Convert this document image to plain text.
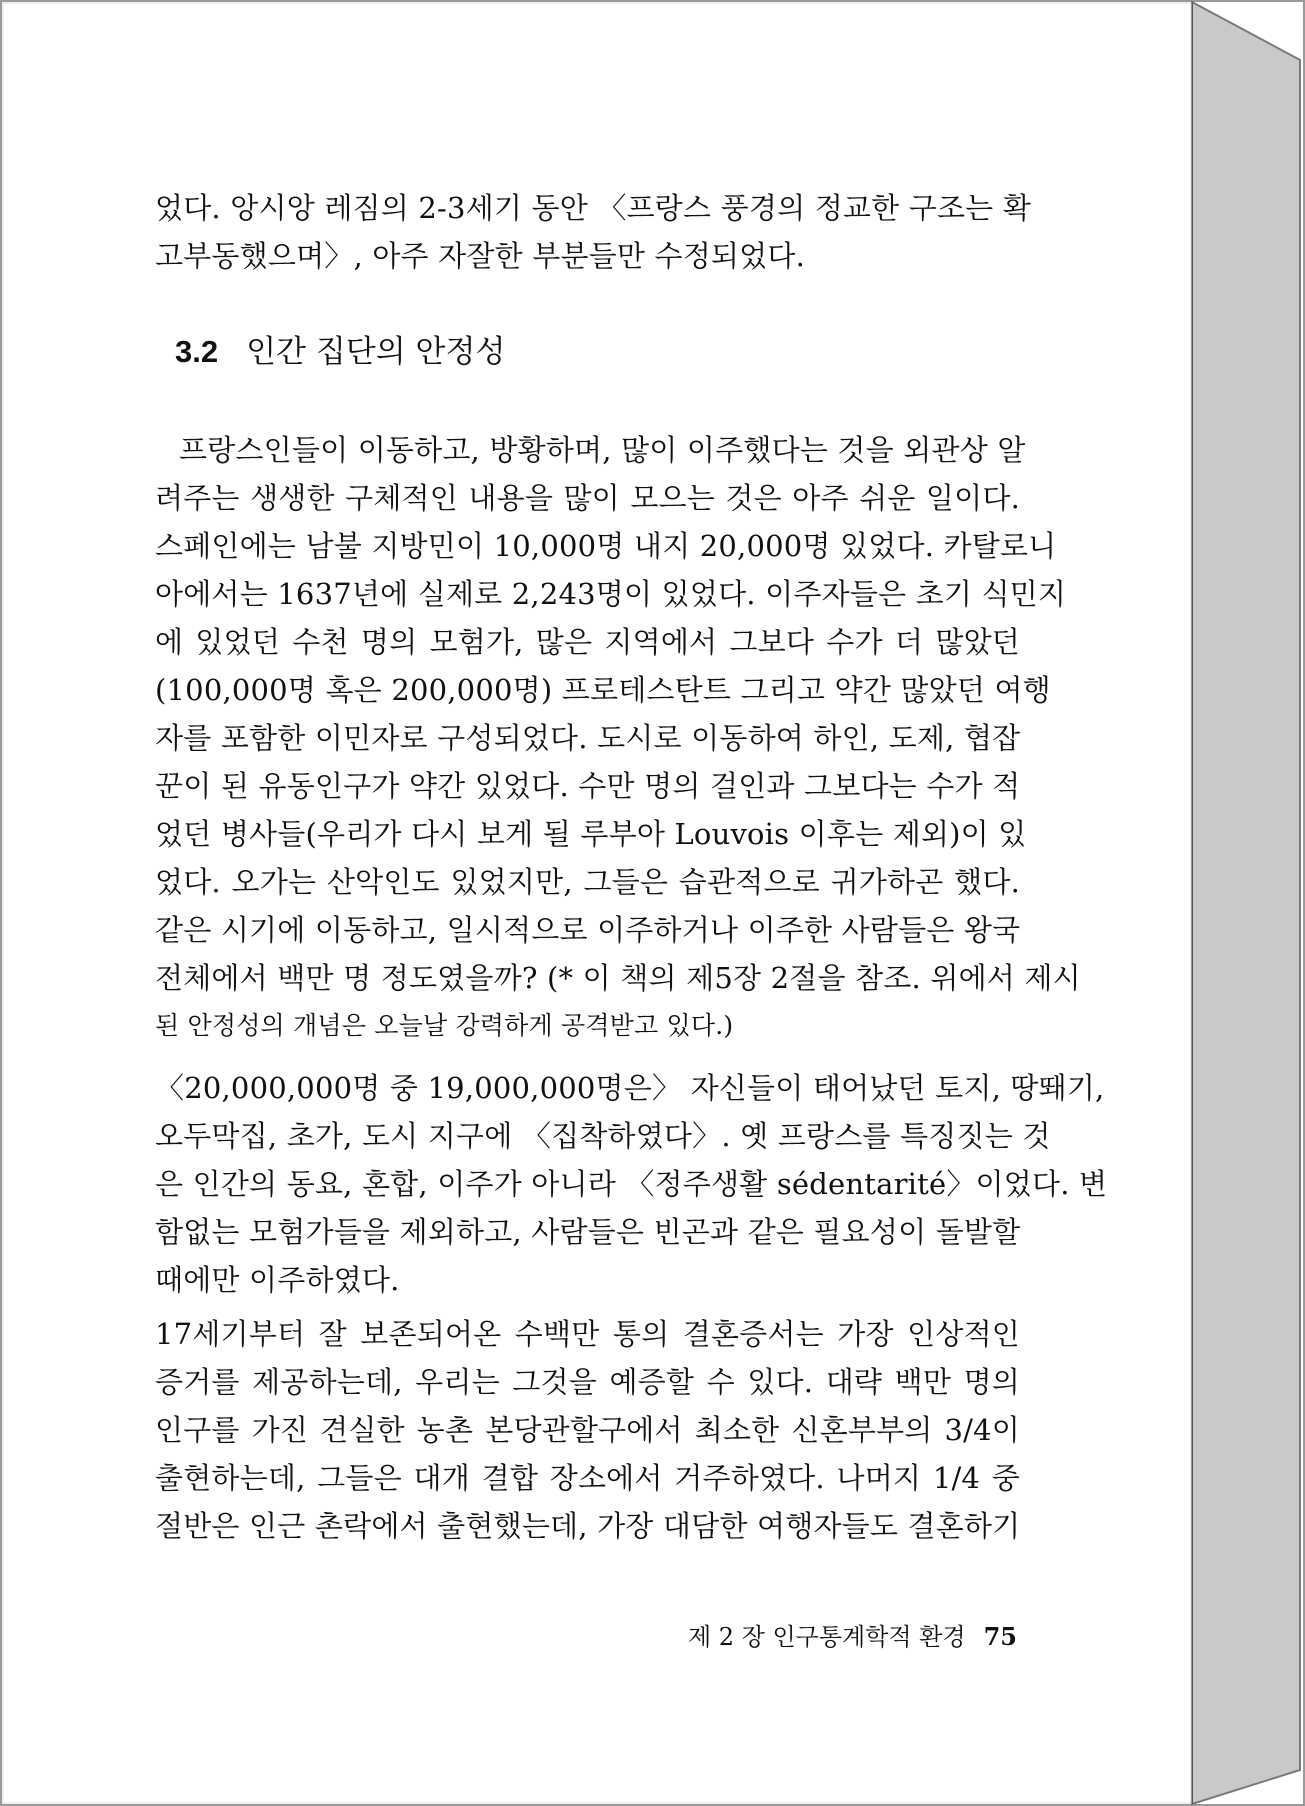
었다. 앙시앙 레짐의 2-3세기 동안 〈프랑스 풍경의 정교한 구조는 확
고부동했으며〉, 아주 자잘한 부분들만 수정되었다.
3.2 인간 집단의 안정성
프랑스인들이 이동하고, 방황하며, 많이 이주했다는 것을 외관상 알
려주는 생생한 구체적인 내용을 많이 모으는 것은 아주 쉬운 일이다.
스페인에는 남불 지방민이 10,000명 내지 20,000명 있었다. 카탈로니
아에서는 1637년에 실제로 2,243명이 있었다. 이주자들은 초기 식민지
에 있었던 수천 명의 모험가, 많은 지역에서 그보다 수가 더 많았던
(100,000명 혹은 200,000명) 프로테스탄트 그리고 약간 많았던 여행
자를 포함한 이민자로 구성되었다. 도시로 이동하여 하인, 도제, 협잡
꾼이 된 유동인구가 약간 있었다. 수만 명의 걸인과 그보다는 수가 적
었던 병사들(우리가 다시 보게 될 루부아 Louvois 이후는 제외)이 있
었다. 오가는 산악인도 있었지만, 그들은 습관적으로 귀가하곤 했다.
같은 시기에 이동하고, 일시적으로 이주하거나 이주한 사람들은 왕국
전체에서 백만 명 정도였을까? (* 이 책의 제5장 2절을 참조. 위에서 제시
된 안정성의 개념은 오늘날 강력하게 공격받고 있다.)
〈20,000,000명 중 19,000,000명은〉 자신들이 태어났던 토지, 땅뙈기,
오두막집, 초가, 도시 지구에 〈집착하였다〉. 옛 프랑스를 특징짓는 것
은 인간의 동요, 혼합, 이주가 아니라 〈정주생활 sédentarité〉이었다. 변
함없는 모험가들을 제외하고, 사람들은 빈곤과 같은 필요성이 돌발할
때에만 이주하였다.
17세기부터 잘 보존되어온 수백만 통의 결혼증서는 가장 인상적인
증거를 제공하는데, 우리는 그것을 예증할 수 있다. 대략 백만 명의
인구를 가진 견실한 농촌 본당관할구에서 최소한 신혼부부의 3/4이
출현하는데, 그들은 대개 결합 장소에서 거주하였다. 나머지 1/4 중
절반은 인근 촌락에서 출현했는데, 가장 대담한 여행자들도 결혼하기
제 2 장 인구통계학적 환경 75
